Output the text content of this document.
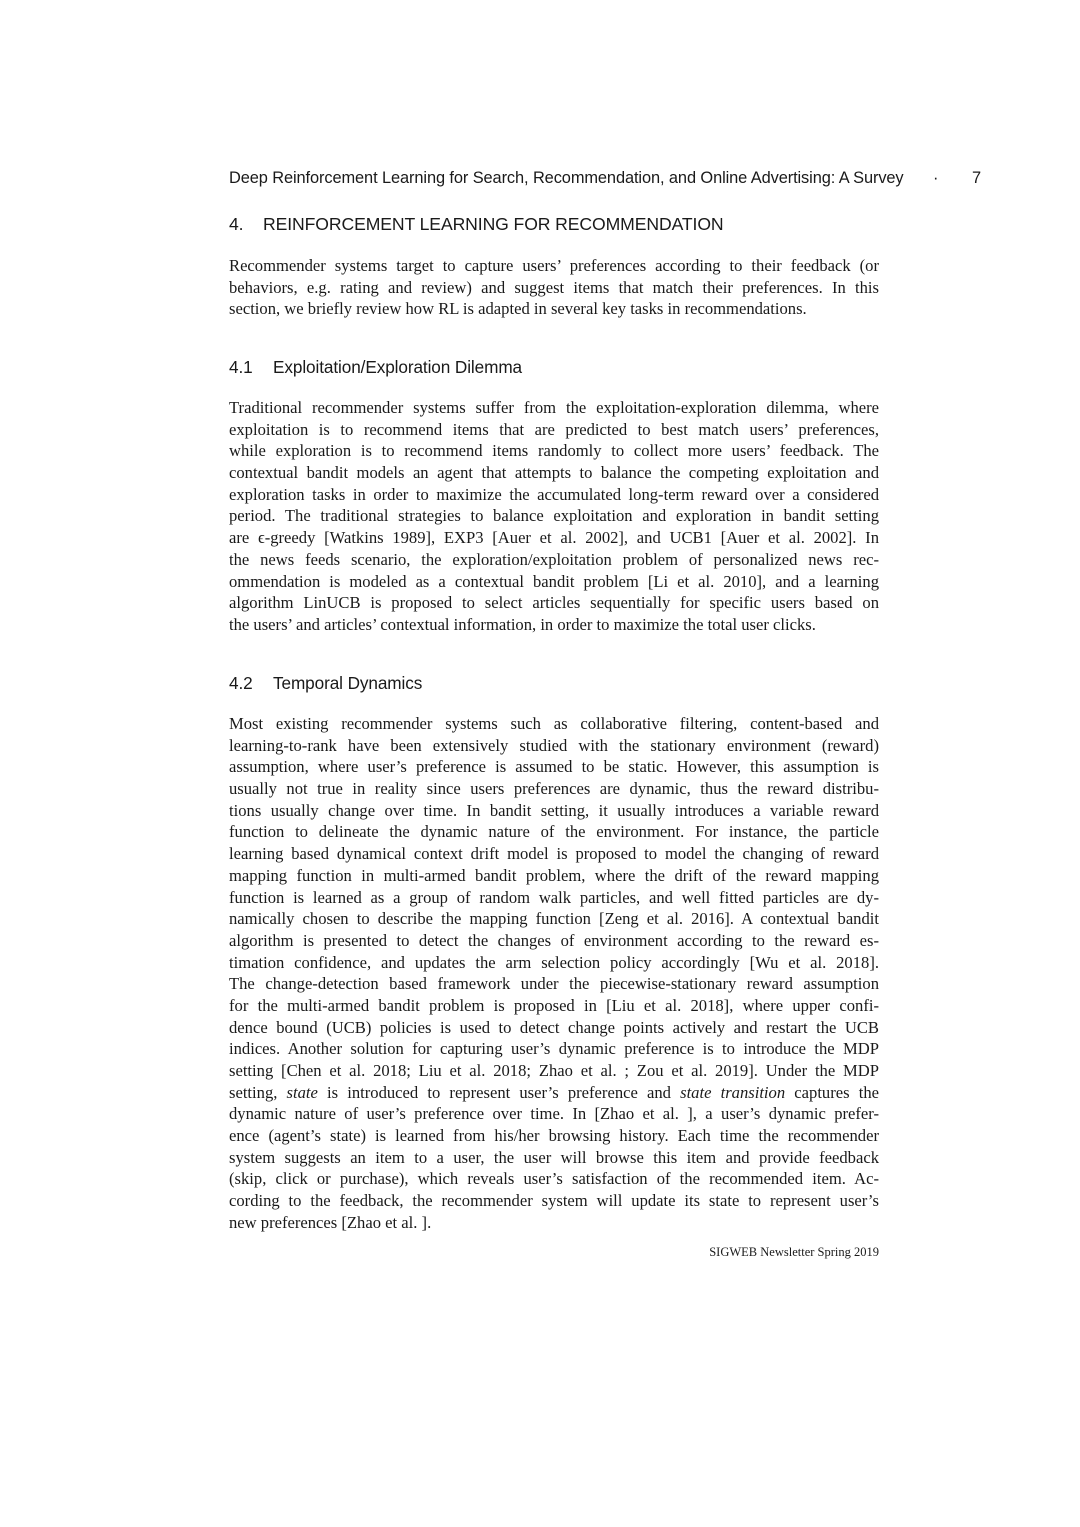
Deep Reinforcement Learning for Search, Recommendation, and Online Advertising: A Survey · 7
4. REINFORCEMENT LEARNING FOR RECOMMENDATION
Recommender systems target to capture users’ preferences according to their feedback (or
behaviors, e.g. rating and review) and suggest items that match their preferences. In this
section, we briefly review how RL is adapted in several key tasks in recommendations.
4.1 Exploitation/Exploration Dilemma
Traditional recommender systems suffer from the exploitation-exploration dilemma, where
exploitation is to recommend items that are predicted to best match users’ preferences,
while exploration is to recommend items randomly to collect more users’ feedback. The
contextual bandit models an agent that attempts to balance the competing exploitation and
exploration tasks in order to maximize the accumulated long-term reward over a considered
period. The traditional strategies to balance exploitation and exploration in bandit setting
are ϵ-greedy [Watkins 1989], EXP3 [Auer et al. 2002], and UCB1 [Auer et al. 2002]. In
the news feeds scenario, the exploration/exploitation problem of personalized news rec-
ommendation is modeled as a contextual bandit problem [Li et al. 2010], and a learning
algorithm LinUCB is proposed to select articles sequentially for specific users based on
the users’ and articles’ contextual information, in order to maximize the total user clicks.
4.2 Temporal Dynamics
Most existing recommender systems such as collaborative filtering, content-based and
learning-to-rank have been extensively studied with the stationary environment (reward)
assumption, where user’s preference is assumed to be static. However, this assumption is
usually not true in reality since users preferences are dynamic, thus the reward distribu-
tions usually change over time. In bandit setting, it usually introduces a variable reward
function to delineate the dynamic nature of the environment. For instance, the particle
learning based dynamical context drift model is proposed to model the changing of reward
mapping function in multi-armed bandit problem, where the drift of the reward mapping
function is learned as a group of random walk particles, and well fitted particles are dy-
namically chosen to describe the mapping function [Zeng et al. 2016]. A contextual bandit
algorithm is presented to detect the changes of environment according to the reward es-
timation confidence, and updates the arm selection policy accordingly [Wu et al. 2018].
The change-detection based framework under the piecewise-stationary reward assumption
for the multi-armed bandit problem is proposed in [Liu et al. 2018], where upper confi-
dence bound (UCB) policies is used to detect change points actively and restart the UCB
indices. Another solution for capturing user’s dynamic preference is to introduce the MDP
setting [Chen et al. 2018; Liu et al. 2018; Zhao et al. ; Zou et al. 2019]. Under the MDP
setting, state is introduced to represent user’s preference and state transition captures the
dynamic nature of user’s preference over time. In [Zhao et al. ], a user’s dynamic prefer-
ence (agent’s state) is learned from his/her browsing history. Each time the recommender
system suggests an item to a user, the user will browse this item and provide feedback
(skip, click or purchase), which reveals user’s satisfaction of the recommended item. Ac-
cording to the feedback, the recommender system will update its state to represent user’s
new preferences [Zhao et al. ].
SIGWEB Newsletter Spring 2019
